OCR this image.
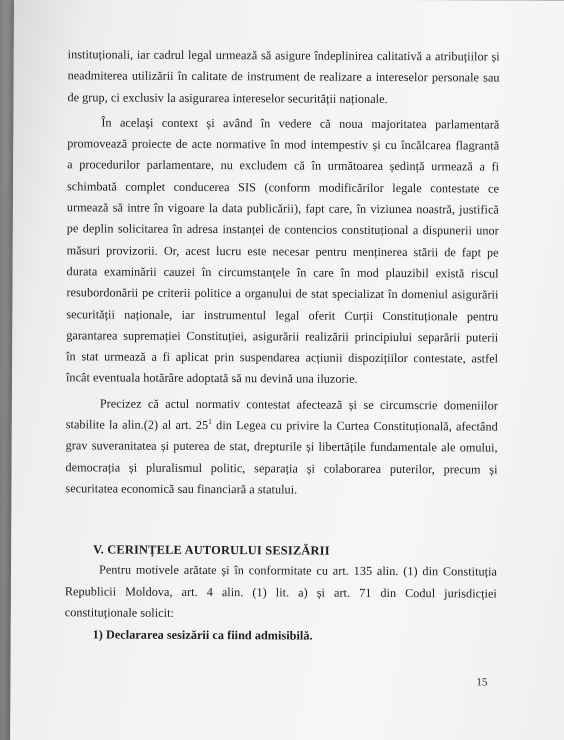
instituționali, iar cadrul legal urmează să asigure îndeplinirea calitativă a atribuțiilor și
neadmiterea utilizării în calitate de instrument de realizare a intereselor personale sau
de grup, ci exclusiv la asigurarea intereselor securității naționale.

În același context și având în vedere că noua majoritatea parlamentară
promovează proiecte de acte normative în mod intempestiv și cu încălcarea flagrantă
a procedurilor parlamentare, nu excludem că în următoarea ședință urmează a fi
schimbată complet conducerea SIS (conform modificărilor legale contestate ce
urmează să intre în vigoare la data publicării), fapt care, în viziunea noastră, justifică
pe deplin solicitarea în adresa instanței de contencios constituțional a dispunerii unor
măsuri provizorii. Or, acest lucru este necesar pentru menținerea stării de fapt pe
durata examinării cauzei în circumstanțele în care în mod plauzibil există riscul
resubordonării pe criterii politice a organului de stat specializat în domeniul asigurării
securității naționale, iar instrumentul legal oferit Curții Constituționale pentru
garantarea supremației Constituției, asigurării realizării principiului separării puterii
în stat urmează a fi aplicat prin suspendarea acțiunii dispozițiilor contestate, astfel
încât eventuala hotărâre adoptată să nu devină una iluzorie.

Precizez că actul normativ contestat afectează și se circumscrie domeniilor
stabilite la alin.(2) al art. $25^1$ din Legea cu privire la Curtea Constituțională, afectând
grav suveranitatea și puterea de stat, drepturile și libertățile fundamentale ale omului,
democrația și pluralismul politic, separația și colaborarea puterilor, precum și
securitatea economică sau financiară a statului.

V. CERINȚELE AUTORULUI SESIZĂRII

Pentru motivele arătate și în conformitate cu art. 135 alin. (1) din Constituția
Republicii Moldova, art. 4 alin. (1) lit. a) și art. 71 din Codul jurisdicției
constituționale solicit:

1) Declararea sesizării ca fiind admisibilă.

15
